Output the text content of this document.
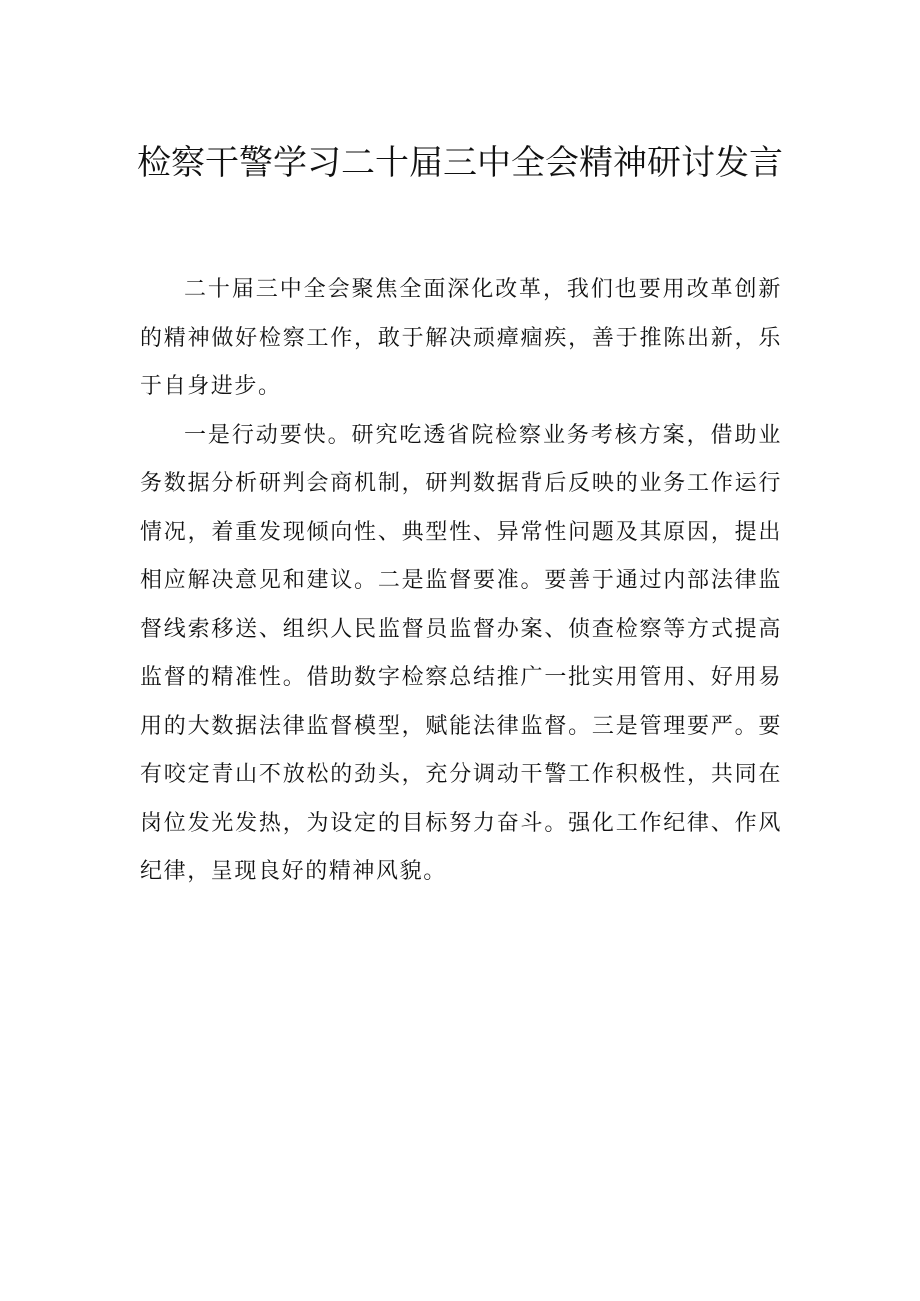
检察干警学习二十届三中全会精神研讨发言

二十届三中全会聚焦全面深化改革，我们也要用改革创新的精神做好检察工作，敢于解决顽瘴痼疾，善于推陈出新，乐于自身进步。

一是行动要快。研究吃透省院检察业务考核方案，借助业务数据分析研判会商机制，研判数据背后反映的业务工作运行情况，着重发现倾向性、典型性、异常性问题及其原因，提出相应解决意见和建议。二是监督要准。要善于通过内部法律监督线索移送、组织人民监督员监督办案、侦查检察等方式提高监督的精准性。借助数字检察总结推广一批实用管用、好用易用的大数据法律监督模型，赋能法律监督。三是管理要严。要有咬定青山不放松的劲头，充分调动干警工作积极性，共同在岗位发光发热，为设定的目标努力奋斗。强化工作纪律、作风纪律，呈现良好的精神风貌。
